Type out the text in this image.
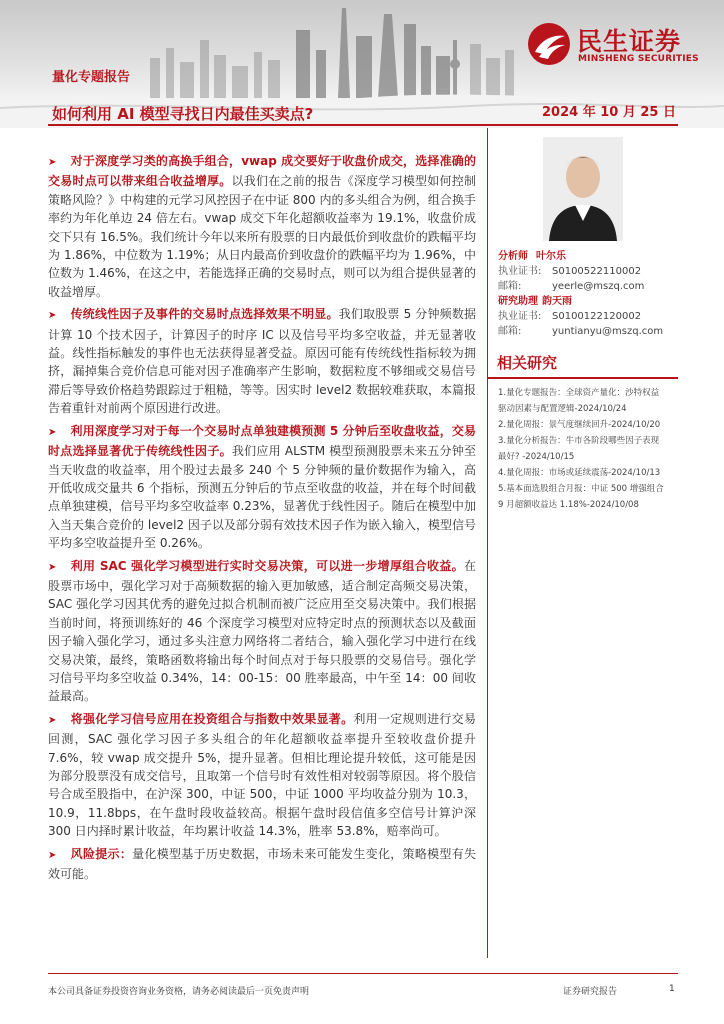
民生证券
MINSHENG SECURITIES
量化专题报告
如何利用 AI 模型寻找日内最佳买卖点?	2024 年 10 月 25 日

➤ 对于深度学习类的高换手组合，vwap 成交要好于收盘价成交，选择准确的交易时点可以带来组合收益增厚。以我们在之前的报告《深度学习模型如何控制策略风险？》中构建的元学习风控因子在中证 800 内的多头组合为例，组合换手率约为年化单边 24 倍左右。vwap 成交下年化超额收益率为 19.1%，收盘价成交下只有 16.5%。我们统计今年以来所有股票的日内最低价到收盘价的跌幅平均为 1.86%，中位数为 1.19%；从日内最高价到收盘价的跌幅平均为 1.96%，中位数为 1.46%，在这之中，若能选择正确的交易时点，则可以为组合提供显著的收益增厚。

➤ 传统线性因子及事件的交易时点选择效果不明显。我们取股票 5 分钟频数据计算 10 个技术因子，计算因子的时序 IC 以及信号平均多空收益，并无显著收益。线性指标触发的事件也无法获得显著受益。原因可能有传统线性指标较为拥挤，漏掉集合竞价信息可能对因子准确率产生影响，数据粒度不够细或交易信号滞后等导致价格趋势跟踪过于粗糙，等等。因实时 level2 数据较难获取，本篇报告着重针对前两个原因进行改进。

➤ 利用深度学习对于每一个交易时点单独建模预测 5 分钟后至收盘收益，交易时点选择显著优于传统线性因子。我们应用 ALSTM 模型预测股票未来五分钟至当天收盘的收益率，用个股过去最多 240 个 5 分钟频的量价数据作为输入，高开低收成交量共 6 个指标，预测五分钟后的节点至收盘的收益，并在每个时间截点单独建模，信号平均多空收益率 0.23%，显著优于线性因子。随后在模型中加入当天集合竞价的 level2 因子以及部分弱有效技术因子作为嵌入输入，模型信号平均多空收益提升至 0.26%。

➤ 利用 SAC 强化学习模型进行实时交易决策，可以进一步增厚组合收益。在股票市场中，强化学习对于高频数据的输入更加敏感，适合制定高频交易决策，SAC 强化学习因其优秀的避免过拟合机制而被广泛应用至交易决策中。我们根据当前时间，将预训练好的 46 个深度学习模型对应特定时点的预测状态以及截面因子输入强化学习，通过多头注意力网络将二者结合，输入强化学习中进行在线交易决策，最终，策略函数将输出每个时间点对于每只股票的交易信号。强化学习信号平均多空收益 0.34%，14：00-15：00 胜率最高，中午至 14：00 间收益最高。

➤ 将强化学习信号应用在投资组合与指数中效果显著。利用一定规则进行交易回测，SAC 强化学习因子多头组合的年化超额收益率提升至较收盘价提升 7.6%，较 vwap 成交提升 5%，提升显著。但相比理论提升较低，这可能是因为部分股票没有成交信号，且取第一个信号时有效性相对较弱等原因。将个股信号合成至股指中，在沪深 300，中证 500，中证 1000 平均收益分别为 10.3，10.9，11.8bps，在午盘时段收益较高。根据午盘时段信值多空信号计算沪深 300 日内择时累计收益，年均累计收益 14.3%，胜率 53.8%，赔率尚可。

➤ 风险提示：量化模型基于历史数据，市场未来可能发生变化，策略模型有失效可能。

分析师 叶尔乐
执业证书: S0100522110002
邮箱:	yeerle@mszq.com
研究助理 韵天雨
执业证书: S0100122120002
邮箱:	yuntianyu@mszq.com
相关研究
1.量化专题报告：全球资产量化：沙特权益
驱动因素与配置逻辑-2024/10/24
2.量化周报：景气度继续回升-2024/10/20
3.量化分析报告：牛市各阶段哪些因子表现
最好? -2024/10/15
4.量化周报：市场或延续震荡-2024/10/13
5.基本面选股组合月报：中证 500 增强组合
9 月超额收益达 1.18%-2024/10/08
本公司具备证券投资咨询业务资格，请务必阅读最后一页免责声明	证券研究报告	1
